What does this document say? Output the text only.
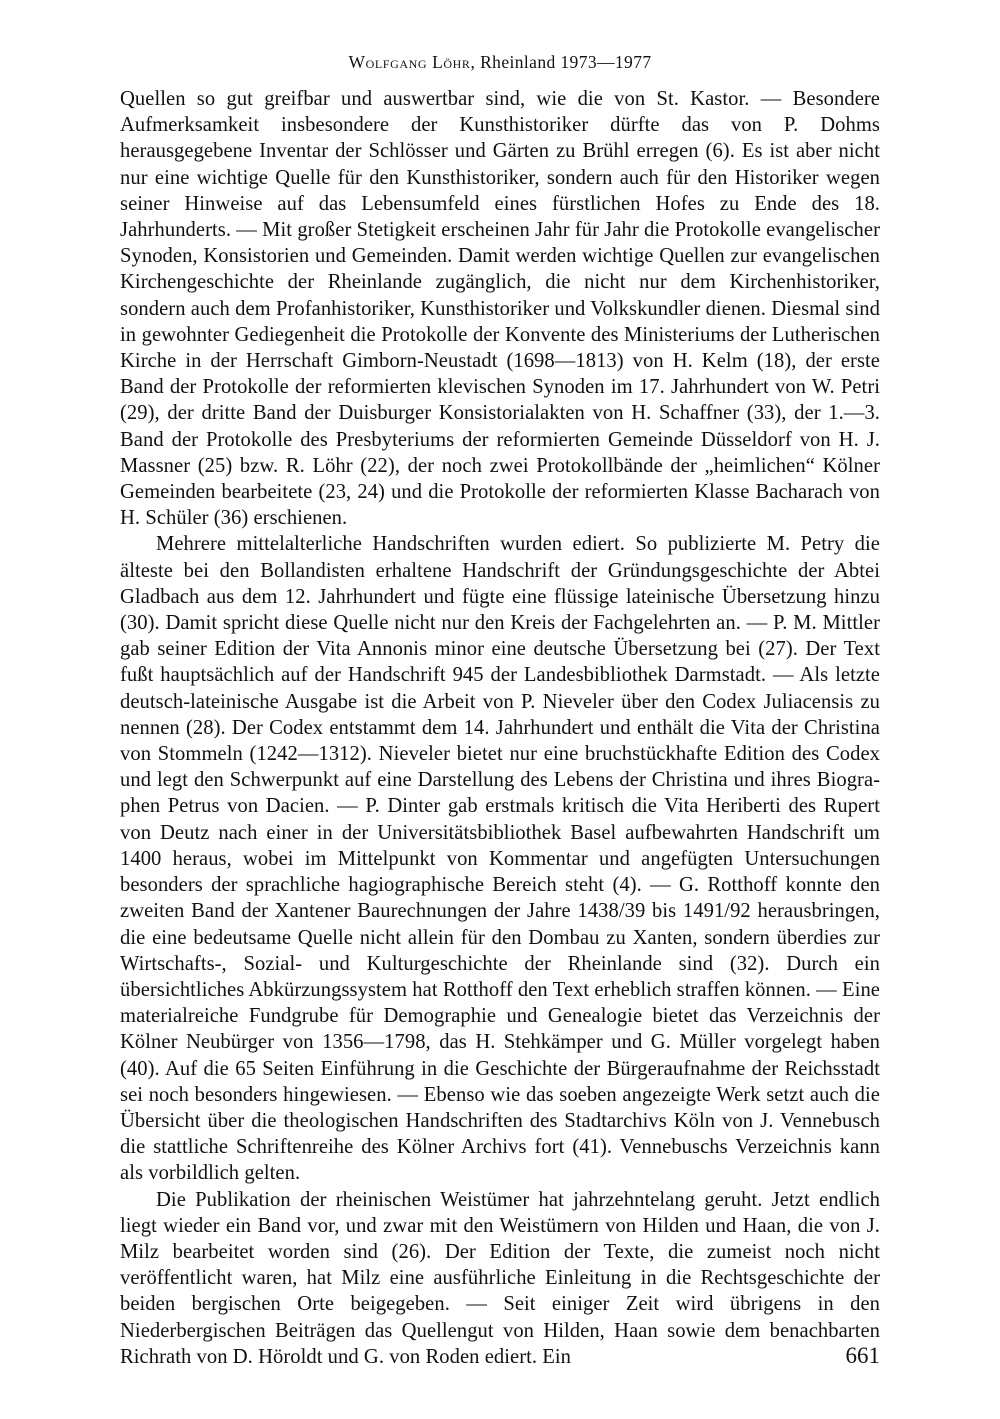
Wolfgang Löhr, Rheinland 1973—1977

Quellen so gut greifbar und auswertbar sind, wie die von St. Kastor. — Besondere Aufmerksamkeit insbesondere der Kunsthistoriker dürfte das von P. Dohms herausgegebene Inventar der Schlösser und Gärten zu Brühl erregen (6). Es ist aber nicht nur eine wichtige Quelle für den Kunsthistoriker, sondern auch für den Historiker wegen seiner Hinweise auf das Lebensumfeld eines fürstlichen Hofes zu Ende des 18. Jahrhunderts. — Mit großer Stetigkeit erscheinen Jahr für Jahr die Protokolle evangelischer Synoden, Konsistorien und Gemeinden. Damit werden wichtige Quellen zur evangelischen Kirchengeschichte der Rheinlande zugänglich, die nicht nur dem Kirchenhistoriker, sondern auch dem Profanhistoriker, Kunsthistoriker und Volkskundler dienen. Diesmal sind in gewohnter Gediegenheit die Protokolle der Konvente des Ministeriums der Lutherischen Kirche in der Herrschaft Gimborn-Neustadt (1698—1813) von H. Kelm (18), der erste Band der Protokolle der reformierten klevischen Synoden im 17. Jahrhundert von W. Petri (29), der dritte Band der Duisburger Konsistorialakten von H. Schaffner (33), der 1.—3. Band der Protokolle des Presbyteriums der reformierten Gemeinde Düsseldorf von H. J. Massner (25) bzw. R. Löhr (22), der noch zwei Protokollbände der „heimlichen“ Kölner Gemeinden bearbeitete (23, 24) und die Protokolle der reformierten Klasse Bacharach von H. Schüler (36) erschienen.

Mehrere mittelalterliche Handschriften wurden ediert. So publizierte M. Petry die älteste bei den Bollandisten erhaltene Handschrift der Gründungsgeschichte der Abtei Gladbach aus dem 12. Jahrhundert und fügte eine flüssige lateinische Übersetzung hinzu (30). Damit spricht diese Quelle nicht nur den Kreis der Fachgelehrten an. — P. M. Mittler gab seiner Edition der Vita Annonis minor eine deutsche Übersetzung bei (27). Der Text fußt hauptsächlich auf der Handschrift 945 der Landesbibliothek Darmstadt. — Als letzte deutsch-lateinische Ausgabe ist die Arbeit von P. Nieveler über den Codex Juliacensis zu nennen (28). Der Codex entstammt dem 14. Jahrhundert und enthält die Vita der Christina von Stommeln (1242—1312). Nieveler bietet nur eine bruchstückhafte Edition des Codex und legt den Schwerpunkt auf eine Darstellung des Lebens der Christina und ihres Biographen Petrus von Dacien. — P. Dinter gab erstmals kritisch die Vita Heriberti des Rupert von Deutz nach einer in der Universitätsbibliothek Basel aufbewahrten Handschrift um 1400 heraus, wobei im Mittelpunkt von Kommentar und angefügten Untersuchungen besonders der sprachliche hagiographische Bereich steht (4). — G. Rotthoff konnte den zweiten Band der Xantener Baurechnungen der Jahre 1438/39 bis 1491/92 herausbringen, die eine bedeutsame Quelle nicht allein für den Dombau zu Xanten, sondern überdies zur Wirtschafts-, Sozial- und Kulturgeschichte der Rheinlande sind (32). Durch ein übersichtliches Abkürzungssystem hat Rotthoff den Text erheblich straffen können. — Eine materialreiche Fundgrube für Demographie und Genealogie bietet das Verzeichnis der Kölner Neubürger von 1356—1798, das H. Stehkämper und G. Müller vorgelegt haben (40). Auf die 65 Seiten Einführung in die Geschichte der Bürgeraufnahme der Reichsstadt sei noch besonders hingewiesen. — Ebenso wie das soeben angezeigte Werk setzt auch die Übersicht über die theologischen Handschriften des Stadtarchivs Köln von J. Vennebusch die stattliche Schriftenreihe des Kölner Archivs fort (41). Vennebuschs Verzeichnis kann als vorbildlich gelten.

Die Publikation der rheinischen Weistümer hat jahrzehntelang geruht. Jetzt endlich liegt wieder ein Band vor, und zwar mit den Weistümern von Hilden und Haan, die von J. Milz bearbeitet worden sind (26). Der Edition der Texte, die zumeist noch nicht veröffentlicht waren, hat Milz eine ausführliche Einleitung in die Rechtsgeschichte der beiden bergischen Orte beigegeben. — Seit einiger Zeit wird übrigens in den Niederbergischen Beiträgen das Quellengut von Hilden, Haan sowie dem benachbarten Richrath von D. Höroldt und G. von Roden ediert. Ein	661
